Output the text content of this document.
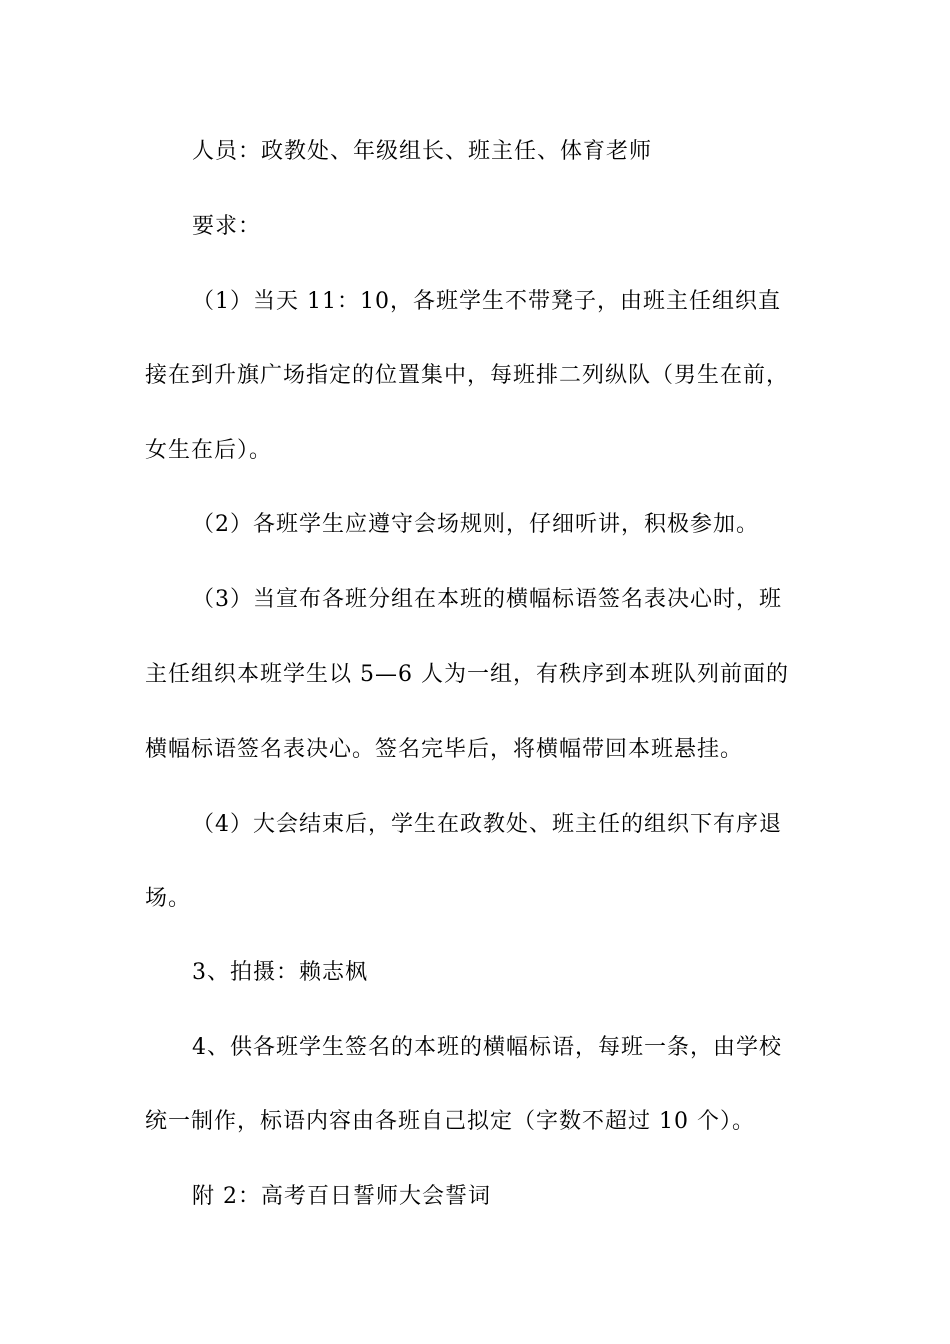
人员：政教处、年级组长、班主任、体育老师
要求：
（1）当天 11：10，各班学生不带凳子，由班主任组织直
接在到升旗广场指定的位置集中，每班排二列纵队（男生在前，
女生在后）。
（2）各班学生应遵守会场规则，仔细听讲，积极参加。
（3）当宣布各班分组在本班的横幅标语签名表决心时，班
主任组织本班学生以 5—6 人为一组，有秩序到本班队列前面的
横幅标语签名表决心。签名完毕后，将横幅带回本班悬挂。
（4）大会结束后，学生在政教处、班主任的组织下有序退
场。
3、拍摄：赖志枫
4、供各班学生签名的本班的横幅标语，每班一条，由学校
统一制作，标语内容由各班自己拟定（字数不超过 10 个）。
附 2：高考百日誓师大会誓词
